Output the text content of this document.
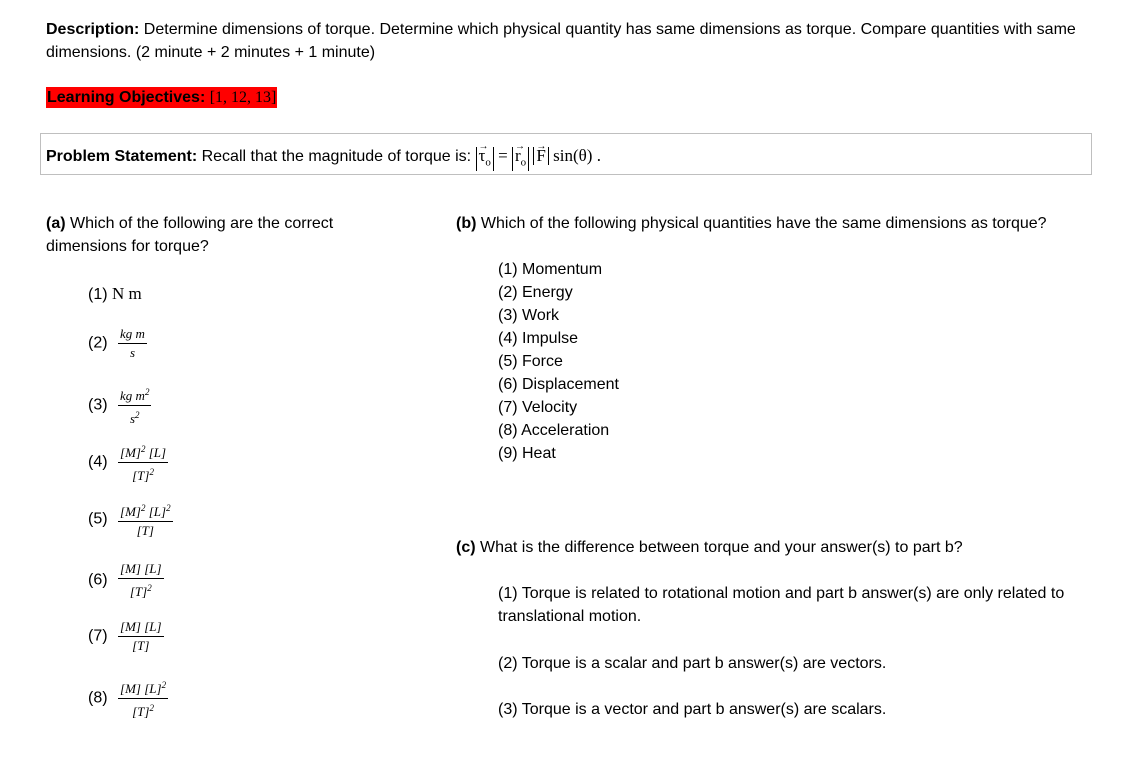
Description: Determine dimensions of torque. Determine which physical quantity has same dimensions as torque. Compare quantities with same dimensions. (2 minute + 2 minutes + 1 minute)
Learning Objectives: [1, 12, 13]
Problem Statement: Recall that the magnitude of torque is: → $\tau_o$ = → $r_o \to F$ sin(θ) .
(a) Which of the following are the correct dimensions for torque?
(1) N m
$(2) \frac{\text{kg m}}{s}$
$(3) \frac{kg m^2}{s^2}$
$(4) \frac{[M]^2 [L]}{[T]^2}$
$(5) \frac{[M]^2 [L]^2}{[T]}$
$(6) \frac{[M] [L]}{[T]^2}$
$(7) \frac{[M] [L]}{[T]}$
$(8) \frac{[M] [L]^2}{[T]^2}$
(b) Which of the following physical quantities have the same dimensions as torque?
(1) Momentum
(2) Energy
(3) Work
(4) Impulse
(5) Force
(6) Displacement
(7) Velocity
(8) Acceleration
(9) Heat
(c) What is the difference between torque and your answer(s) to part b?
(1) Torque is related to rotational motion and part b answer(s) are only related to translational motion.
(2) Torque is a scalar and part b answer(s) are vectors.
(3) Torque is a vector and part b answer(s) are scalars.
